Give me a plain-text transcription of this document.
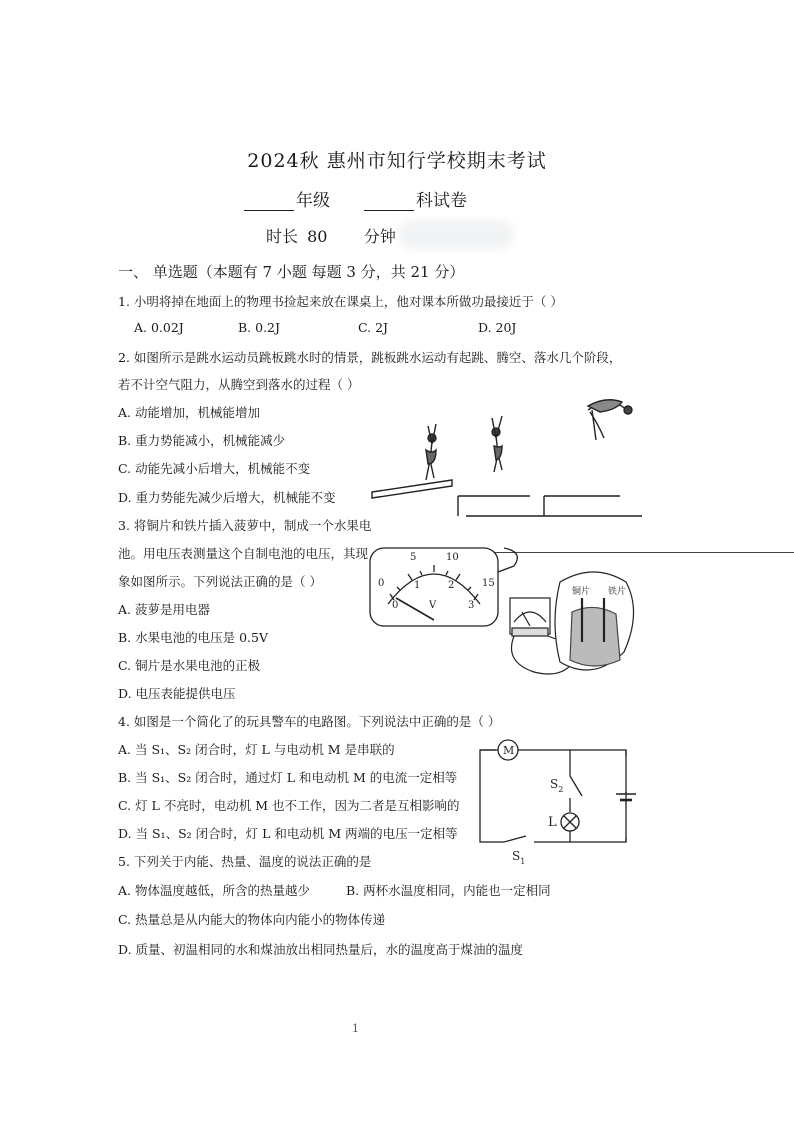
2024秋 惠州市知行学校期末考试
年级	科试卷
时长 80 分钟
一、 单选题（本题有 7 小题 每题 3 分，共 21 分）
1. 小明将掉在地面上的物理书捡起来放在课桌上，他对课本所做功最接近于（ ）
A. 0.02J	B. 0.2J	C. 2J	D. 20J
2. 如图所示是跳水运动员跳板跳水时的情景，跳板跳水运动有起跳、腾空、落水几个阶段，
若不计空气阻力，从腾空到落水的过程（ ）
A. 动能增加，机械能增加
B. 重力势能减小，机械能减少
C. 动能先减小后增大，机械能不变
D. 重力势能先减少后增大，机械能不变
3. 将铜片和铁片插入菠萝中，制成一个水果电
池。用电压表测量这个自制电池的电压，其现
象如图所示。下列说法正确的是（ ）
A. 菠萝是用电器
B. 水果电池的电压是 0.5V
C. 铜片是水果电池的正极
D. 电压表能提供电压
0
5	10
15
0
1	2
3
V
铜片 铁片
4. 如图是一个简化了的玩具警车的电路图。下列说法中正确的是（ ）
A. 当 S₁、S₂ 闭合时，灯 L 与电动机 M 是串联的
B. 当 S₁、S₂ 闭合时，通过灯 L 和电动机 M 的电流一定相等
C. 灯 L 不亮时，电动机 M 也不工作，因为二者是互相影响的
D. 当 S₁、S₂ 闭合时，灯 L 和电动机 M 两端的电压一定相等
M
L
$S_2$
$S_1$
5. 下列关于内能、热量、温度的说法正确的是
A. 物体温度越低，所含的热量越少	B. 两杯水温度相同，内能也一定相同
C. 热量总是从内能大的物体向内能小的物体传递
D. 质量、初温相同的水和煤油放出相同热量后，水的温度高于煤油的温度
1
